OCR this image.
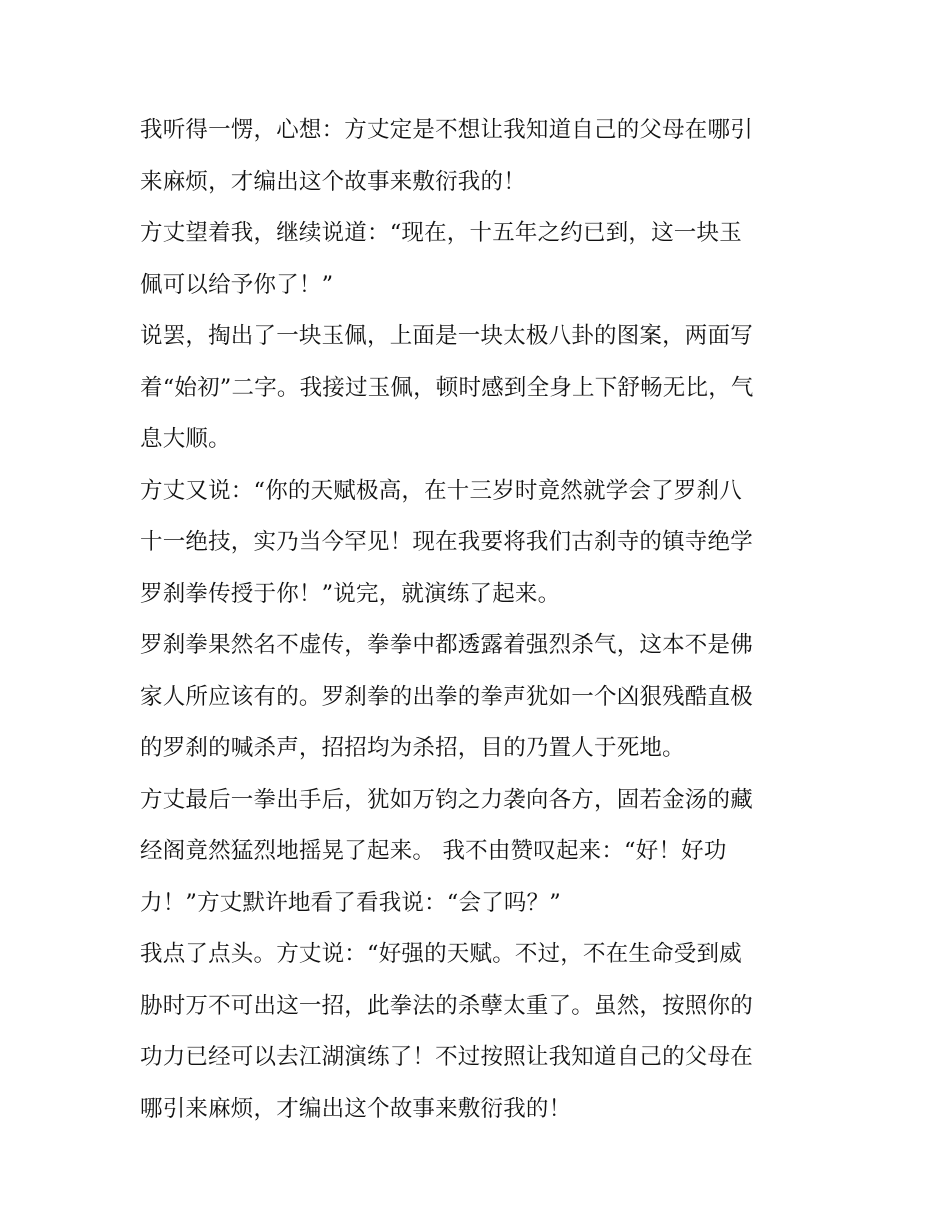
我听得一愣，心想：方丈定是不想让我知道自己的父母在哪引
来麻烦，才编出这个故事来敷衍我的！
方丈望着我，继续说道：“现在，十五年之约已到，这一块玉
佩可以给予你了！”
说罢，掏出了一块玉佩，上面是一块太极八卦的图案，两面写
着“始初”二字。我接过玉佩，顿时感到全身上下舒畅无比，气
息大顺。
方丈又说：“你的天赋极高，在十三岁时竟然就学会了罗刹八
十一绝技，实乃当今罕见！现在我要将我们古刹寺的镇寺绝学
罗刹拳传授于你！”说完，就演练了起来。
罗刹拳果然名不虚传，拳拳中都透露着强烈杀气，这本不是佛
家人所应该有的。罗刹拳的出拳的拳声犹如一个凶狠残酷直极
的罗刹的喊杀声，招招均为杀招，目的乃置人于死地。
方丈最后一拳出手后，犹如万钧之力袭向各方，固若金汤的藏
经阁竟然猛烈地摇晃了起来。 我不由赞叹起来：“好！好功
力！”方丈默许地看了看我说：“会了吗？”
我点了点头。方丈说：“好强的天赋。不过，不在生命受到威
胁时万不可出这一招，此拳法的杀孽太重了。虽然，按照你的
功力已经可以去江湖演练了！不过按照让我知道自己的父母在
哪引来麻烦，才编出这个故事来敷衍我的！
